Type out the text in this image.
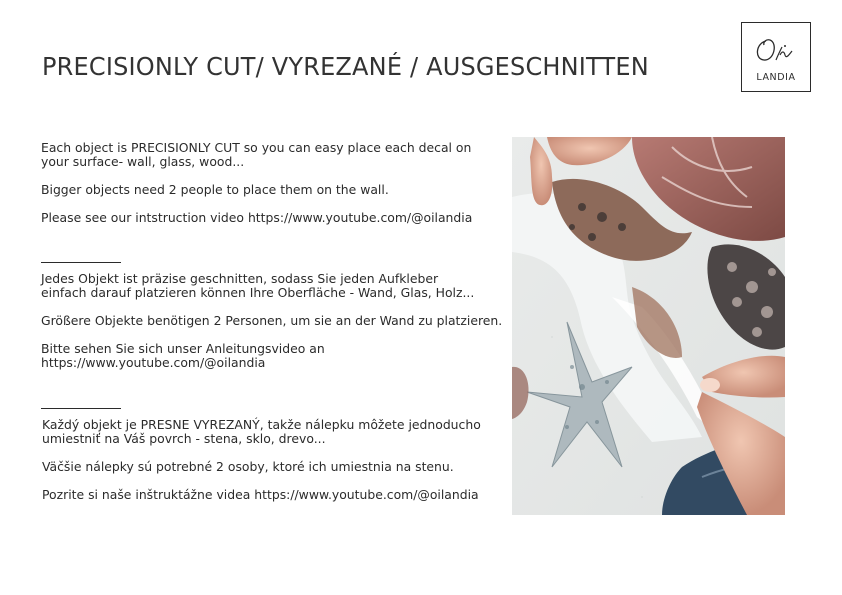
PRECISIONLY CUT/ VYREZANÉ / AUSGESCHNITTEN	LANDIA
Each object is PRECISIONLY CUT so you can easy place each decal on
your surface- wall, glass, wood...
Bigger objects need 2 people to place them on the wall.
Please see our intstruction video https://www.youtube.com/@oilandia
Jedes Objekt ist präzise geschnitten, sodass Sie jeden Aufkleber
einfach darauf platzieren können Ihre Oberfläche - Wand, Glas, Holz...
Größere Objekte benötigen 2 Personen, um sie an der Wand zu platzieren.
Bitte sehen Sie sich unser Anleitungsvideo an
https://www.youtube.com/@oilandia
Každý objekt je PRESNE VYREZANÝ, takže nálepku môžete jednoducho
umiestniť na Váš povrch - stena, sklo, drevo...
Väčšie nálepky sú potrebné 2 osoby, ktoré ich umiestnia na stenu.
Pozrite si naše inštruktážne videa https://www.youtube.com/@oilandia
